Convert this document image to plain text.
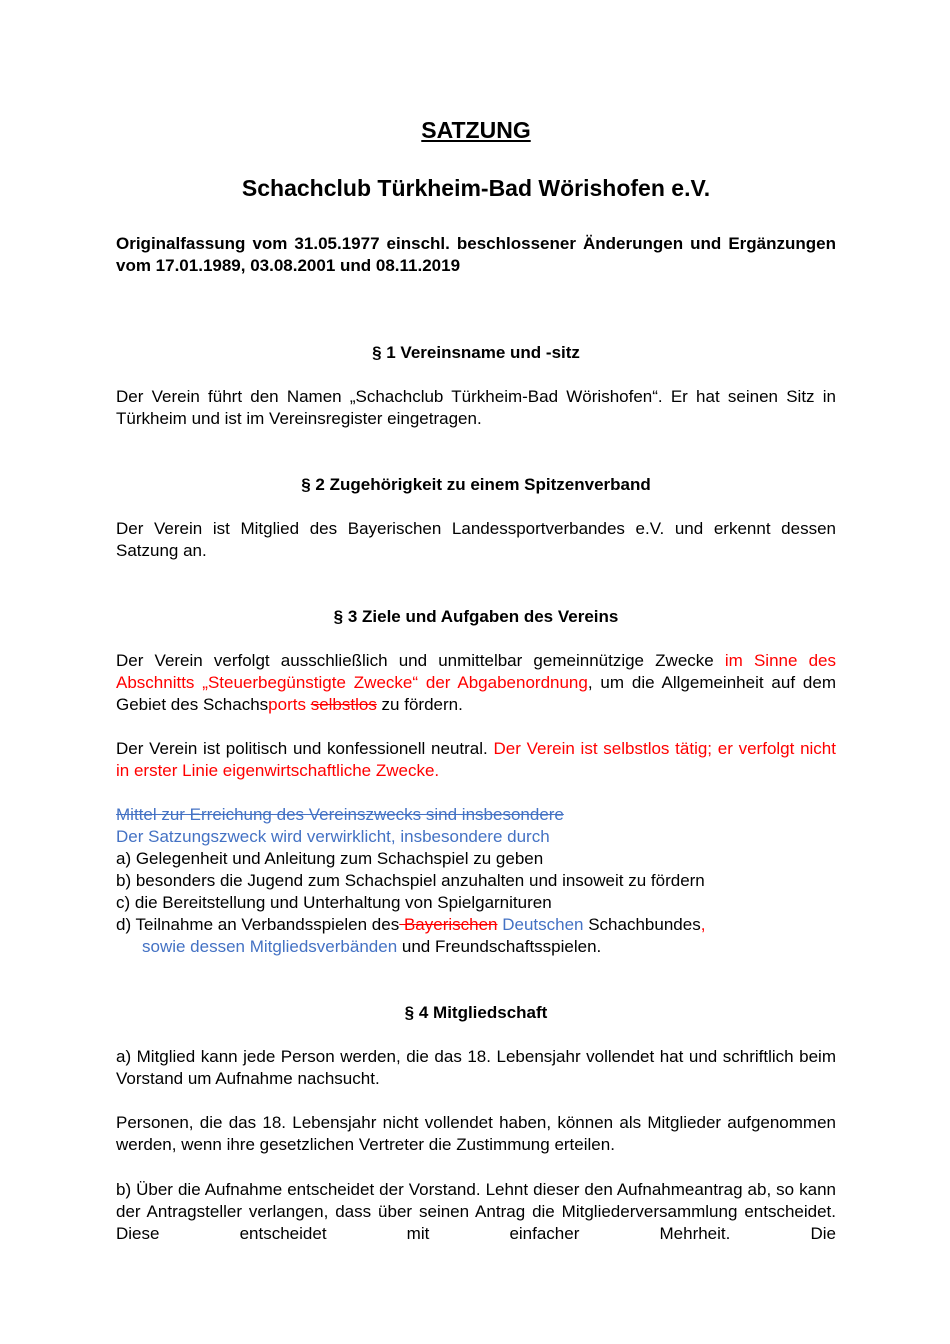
SATZUNG
Schachclub Türkheim-Bad Wörishofen e.V.
Originalfassung vom 31.05.1977 einschl. beschlossener Änderungen und Ergänzungen vom 17.01.1989, 03.08.2001 und 08.11.2019
§ 1 Vereinsname und -sitz
Der Verein führt den Namen „Schachclub Türkheim-Bad Wörishofen“. Er hat seinen Sitz in Türkheim und ist im Vereinsregister eingetragen.
§ 2 Zugehörigkeit zu einem Spitzenverband
Der Verein ist Mitglied des Bayerischen Landessportverbandes e.V. und erkennt dessen Satzung an.
§ 3 Ziele und Aufgaben des Vereins
Der Verein verfolgt ausschließlich und unmittelbar gemeinnützige Zwecke im Sinne des Abschnitts „Steuerbegünstigte Zwecke“ der Abgabenordnung, um die Allgemeinheit auf dem Gebiet des Schachsports selbstlos zu fördern.
Der Verein ist politisch und konfessionell neutral. Der Verein ist selbstlos tätig; er verfolgt nicht in erster Linie eigenwirtschaftliche Zwecke.
Mittel zur Erreichung des Vereinszwecks sind insbesondere
Der Satzungszweck wird verwirklicht, insbesondere durch
a) Gelegenheit und Anleitung zum Schachspiel zu geben
b) besonders die Jugend zum Schachspiel anzuhalten und insoweit zu fördern
c) die Bereitstellung und Unterhaltung von Spielgarnituren
d) Teilnahme an Verbandsspielen des Bayerischen Deutschen Schachbundes,
sowie dessen Mitgliedsverbänden und Freundschaftsspielen.
§ 4 Mitgliedschaft
a) Mitglied kann jede Person werden, die das 18. Lebensjahr vollendet hat und schriftlich beim Vorstand um Aufnahme nachsucht.
Personen, die das 18. Lebensjahr nicht vollendet haben, können als Mitglieder aufgenommen werden, wenn ihre gesetzlichen Vertreter die Zustimmung erteilen.
b) Über die Aufnahme entscheidet der Vorstand. Lehnt dieser den Aufnahmeantrag ab, so kann der Antragsteller verlangen, dass über seinen Antrag die Mitgliederversammlung entscheidet. Diese entscheidet mit einfacher Mehrheit. Die
